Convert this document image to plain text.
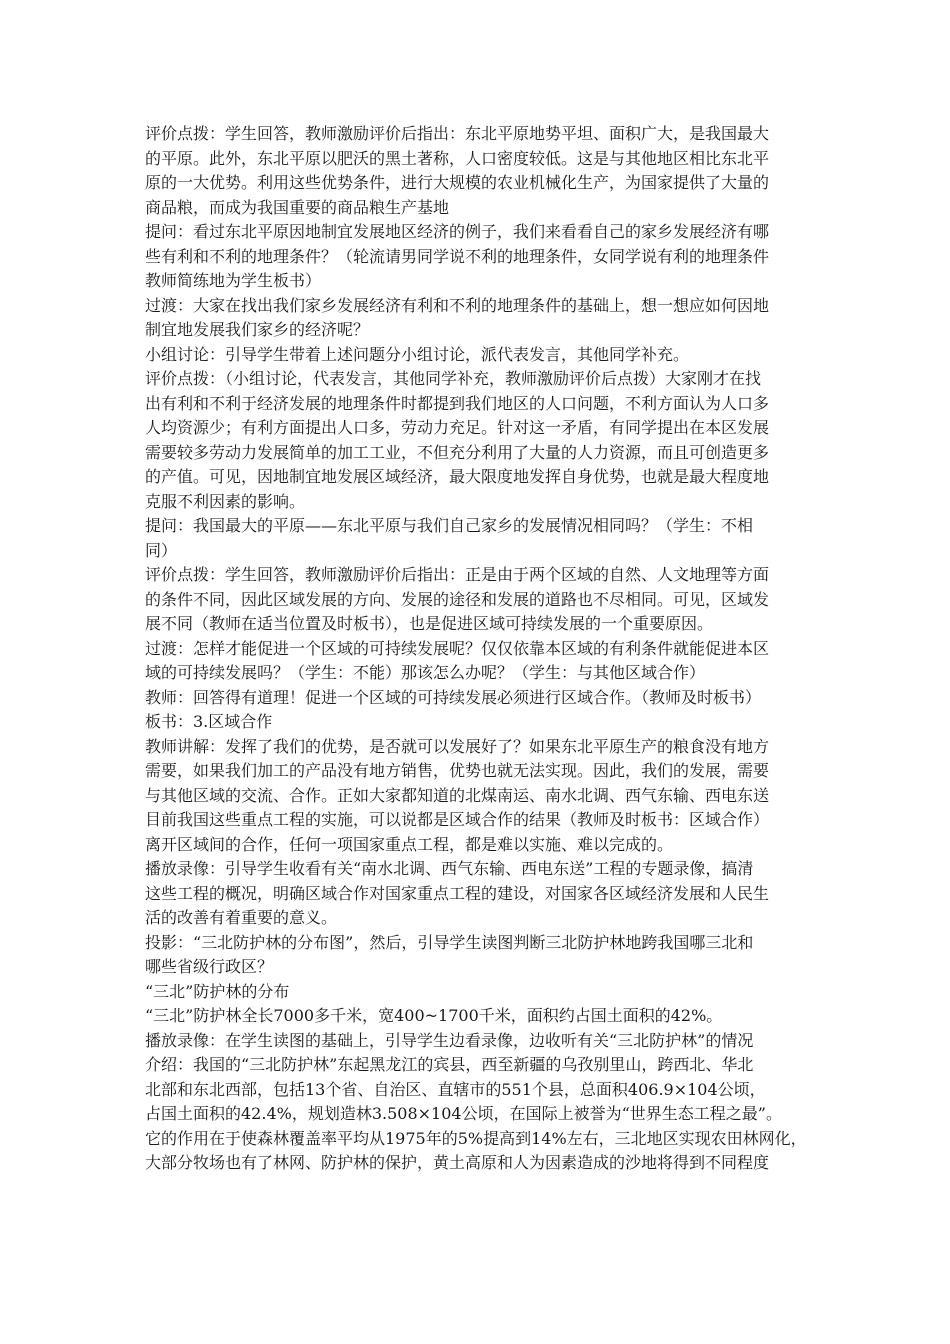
评价点拨：学生回答，教师激励评价后指出：东北平原地势平坦、面积广大，是我国最大
的平原。此外，东北平原以肥沃的黑土著称，人口密度较低。这是与其他地区相比东北平
原的一大优势。利用这些优势条件，进行大规模的农业机械化生产，为国家提供了大量的
商品粮，而成为我国重要的商品粮生产基地
提问：看过东北平原因地制宜发展地区经济的例子，我们来看看自己的家乡发展经济有哪
些有利和不利的地理条件？（轮流请男同学说不利的地理条件，女同学说有利的地理条件
教师简练地为学生板书）
过渡：大家在找出我们家乡发展经济有利和不利的地理条件的基础上，想一想应如何因地
制宜地发展我们家乡的经济呢？
小组讨论：引导学生带着上述问题分小组讨论，派代表发言，其他同学补充。
评价点拨：（小组讨论，代表发言，其他同学补充，教师激励评价后点拨）大家刚才在找
出有利和不利于经济发展的地理条件时都提到我们地区的人口问题，不利方面认为人口多
人均资源少；有利方面提出人口多，劳动力充足。针对这一矛盾，有同学提出在本区发展
需要较多劳动力发展简单的加工工业，不但充分利用了大量的人力资源，而且可创造更多
的产值。可见，因地制宜地发展区域经济，最大限度地发挥自身优势，也就是最大程度地
克服不利因素的影响。
提问：我国最大的平原——东北平原与我们自己家乡的发展情况相同吗？（学生：不相
同）
评价点拨：学生回答，教师激励评价后指出：正是由于两个区域的自然、人文地理等方面
的条件不同，因此区域发展的方向、发展的途径和发展的道路也不尽相同。可见，区域发
展不同（教师在适当位置及时板书），也是促进区域可持续发展的一个重要原因。
过渡：怎样才能促进一个区域的可持续发展呢？仅仅依靠本区域的有利条件就能促进本区
域的可持续发展吗？（学生：不能）那该怎么办呢？（学生：与其他区域合作）
教师：回答得有道理！促进一个区域的可持续发展必须进行区域合作。（教师及时板书）
板书：3.区域合作
教师讲解：发挥了我们的优势，是否就可以发展好了？如果东北平原生产的粮食没有地方
需要，如果我们加工的产品没有地方销售，优势也就无法实现。因此，我们的发展，需要
与其他区域的交流、合作。正如大家都知道的北煤南运、南水北调、西气东输、西电东送
目前我国这些重点工程的实施，可以说都是区域合作的结果（教师及时板书：区域合作）
离开区域间的合作，任何一项国家重点工程，都是难以实施、难以完成的。
播放录像：引导学生收看有关“南水北调、西气东输、西电东送”工程的专题录像，搞清
这些工程的概况，明确区域合作对国家重点工程的建设，对国家各区域经济发展和人民生
活的改善有着重要的意义。
投影：“三北防护林的分布图”，然后，引导学生读图判断三北防护林地跨我国哪三北和
哪些省级行政区？
“三北”防护林的分布
“三北”防护林全长7000多千米，宽400~1700千米，面积约占国土面积的42%。
播放录像：在学生读图的基础上，引导学生边看录像，边收听有关“三北防护林”的情况
介绍：我国的“三北防护林”东起黑龙江的宾县，西至新疆的乌孜别里山，跨西北、华北
北部和东北西部，包括13个省、自治区、直辖市的551个县，总面积406.9×104公顷，
占国土面积的42.4%，规划造林3.508×104公顷，在国际上被誉为“世界生态工程之最”。
它的作用在于使森林覆盖率平均从1975年的5%提高到14%左右，三北地区实现农田林网化，
大部分牧场也有了林网、防护林的保护，黄土高原和人为因素造成的沙地将得到不同程度
